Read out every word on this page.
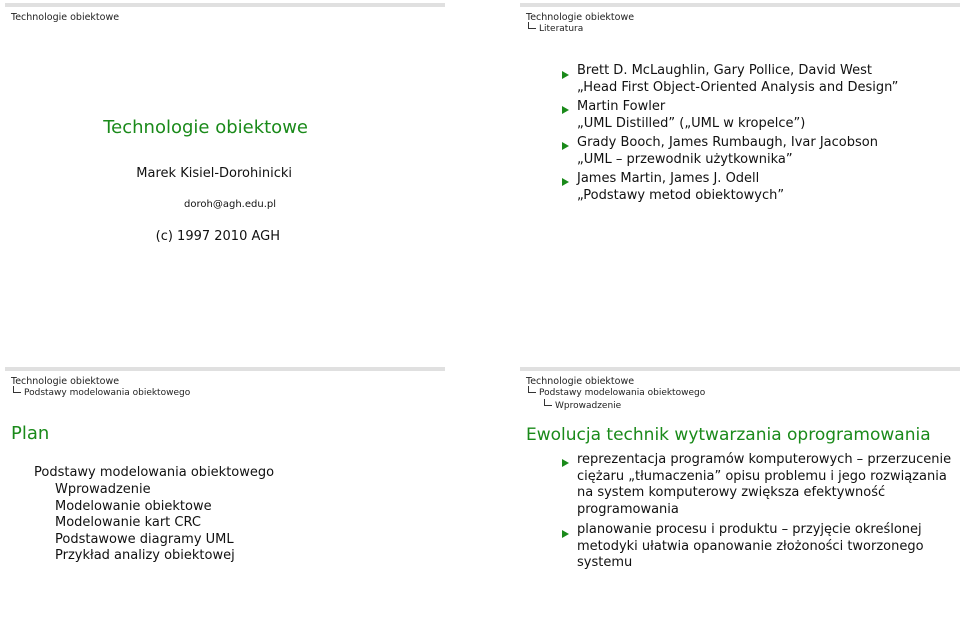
Technologie obiektowe
Technologie obiektowe
Marek Kisiel-Dorohinicki
doroh@agh.edu.pl
(c) 1997 2010 AGH
Technologie obiektowe
Literatura
Brett D. McLaughlin, Gary Pollice, David West
„Head First Object-Oriented Analysis and Design”
Martin Fowler
„UML Distilled” („UML w kropelce”)
Grady Booch, James Rumbaugh, Ivar Jacobson
„UML – przewodnik użytkownika”
James Martin, James J. Odell
„Podstawy metod obiektowych”
Technologie obiektowe
Podstawy modelowania obiektowego
Plan
Podstawy modelowania obiektowego
Wprowadzenie
Modelowanie obiektowe
Modelowanie kart CRC
Podstawowe diagramy UML
Przykład analizy obiektowej
Technologie obiektowe
Podstawy modelowania obiektowego
Wprowadzenie
Ewolucja technik wytwarzania oprogramowania
reprezentacja programów komputerowych – przerzucenie
ciężaru „tłumaczenia” opisu problemu i jego rozwiązania
na system komputerowy zwiększa efektywność
programowania
planowanie procesu i produktu – przyjęcie określonej
metodyki ułatwia opanowanie złożoności tworzonego
systemu
